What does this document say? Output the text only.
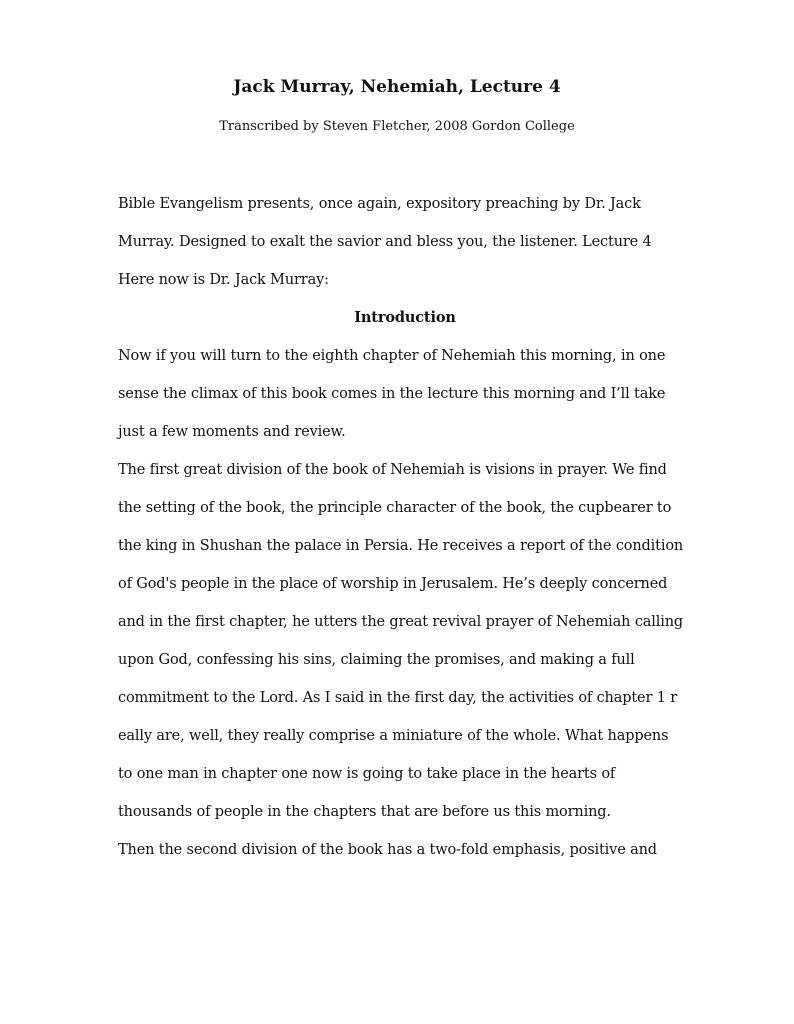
Jack Murray, Nehemiah, Lecture 4
Transcribed by Steven Fletcher, 2008 Gordon College
Bible Evangelism presents, once again, expository preaching by Dr. Jack
Murray. Designed to exalt the savior and bless you, the listener. Lecture 4
Here now is Dr. Jack Murray:
Introduction
Now if you will turn to the eighth chapter of Nehemiah this morning, in one
sense the climax of this book comes in the lecture this morning and I’ll take
just a few moments and review.
The first great division of the book of Nehemiah is visions in prayer. We find
the setting of the book, the principle character of the book, the cupbearer to
the king in Shushan the palace in Persia. He receives a report of the condition
of God's people in the place of worship in Jerusalem. He’s deeply concerned
and in the first chapter, he utters the great revival prayer of Nehemiah calling
upon God, confessing his sins, claiming the promises, and making a full
commitment to the Lord. As I said in the first day, the activities of chapter 1 r
eally are, well, they really comprise a miniature of the whole. What happens
to one man in chapter one now is going to take place in the hearts of
thousands of people in the chapters that are before us this morning.
Then the second division of the book has a two-fold emphasis, positive and
